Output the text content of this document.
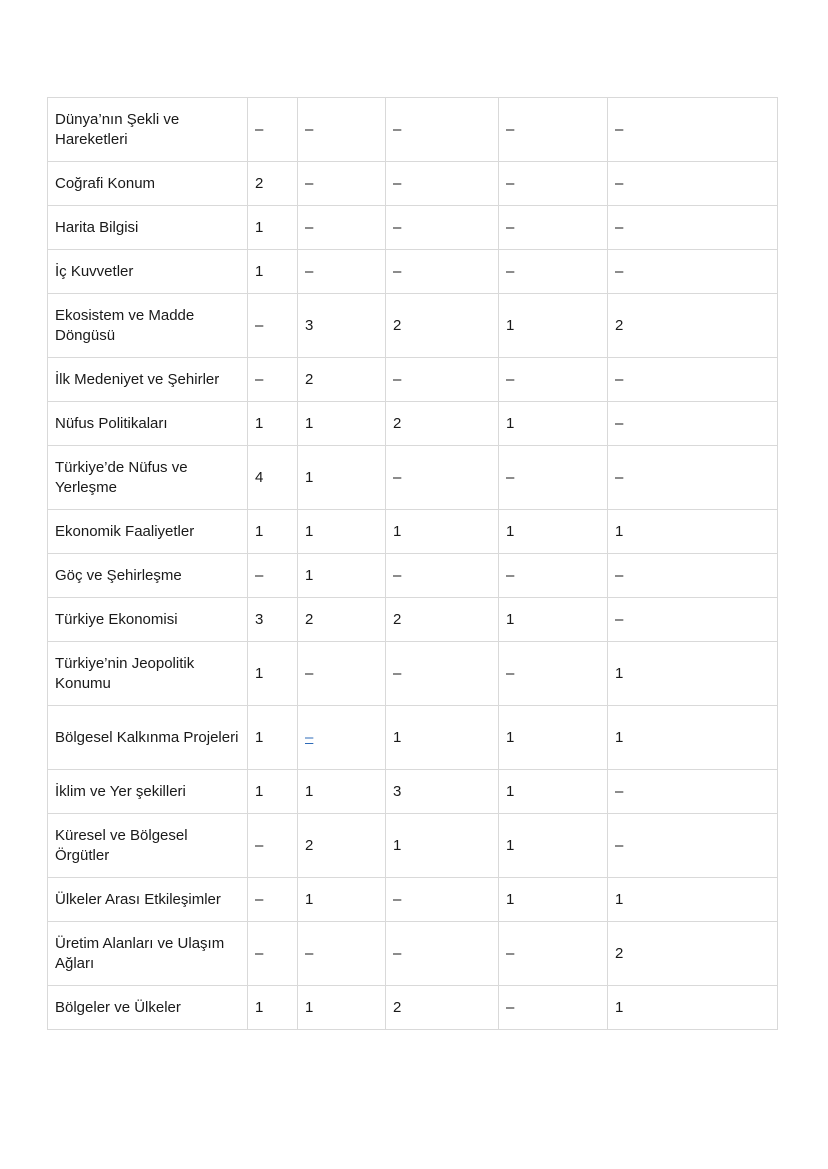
Dünya’nın Şekli ve Hareketleri	–	–	–	–	–
Coğrafi Konum	2	–	–	–	–
Harita Bilgisi	1	–	–	–	–
İç Kuvvetler	1	–	–	–	–
Ekosistem ve Madde Döngüsü	–	3	2	1	2
İlk Medeniyet ve Şehirler	–	2	–	–	–
Nüfus Politikaları	1	1	2	1	–
Türkiye’de Nüfus ve Yerleşme	4	1	–	–	–
Ekonomik Faaliyetler	1	1	1	1	1
Göç ve Şehirleşme	–	1	–	–	–
Türkiye Ekonomisi	3	2	2	1	–
Türkiye’nin Jeopolitik Konumu	1	–	–	–	1
Bölgesel Kalkınma Projeleri	1	–	1	1	1
İklim ve Yer şekilleri	1	1	3	1	–
Küresel ve Bölgesel Örgütler	–	2	1	1	–
Ülkeler Arası Etkileşimler	–	1	–	1	1
Üretim Alanları ve Ulaşım Ağları	–	–	–	–	2
Bölgeler ve Ülkeler	1	1	2	–	1
